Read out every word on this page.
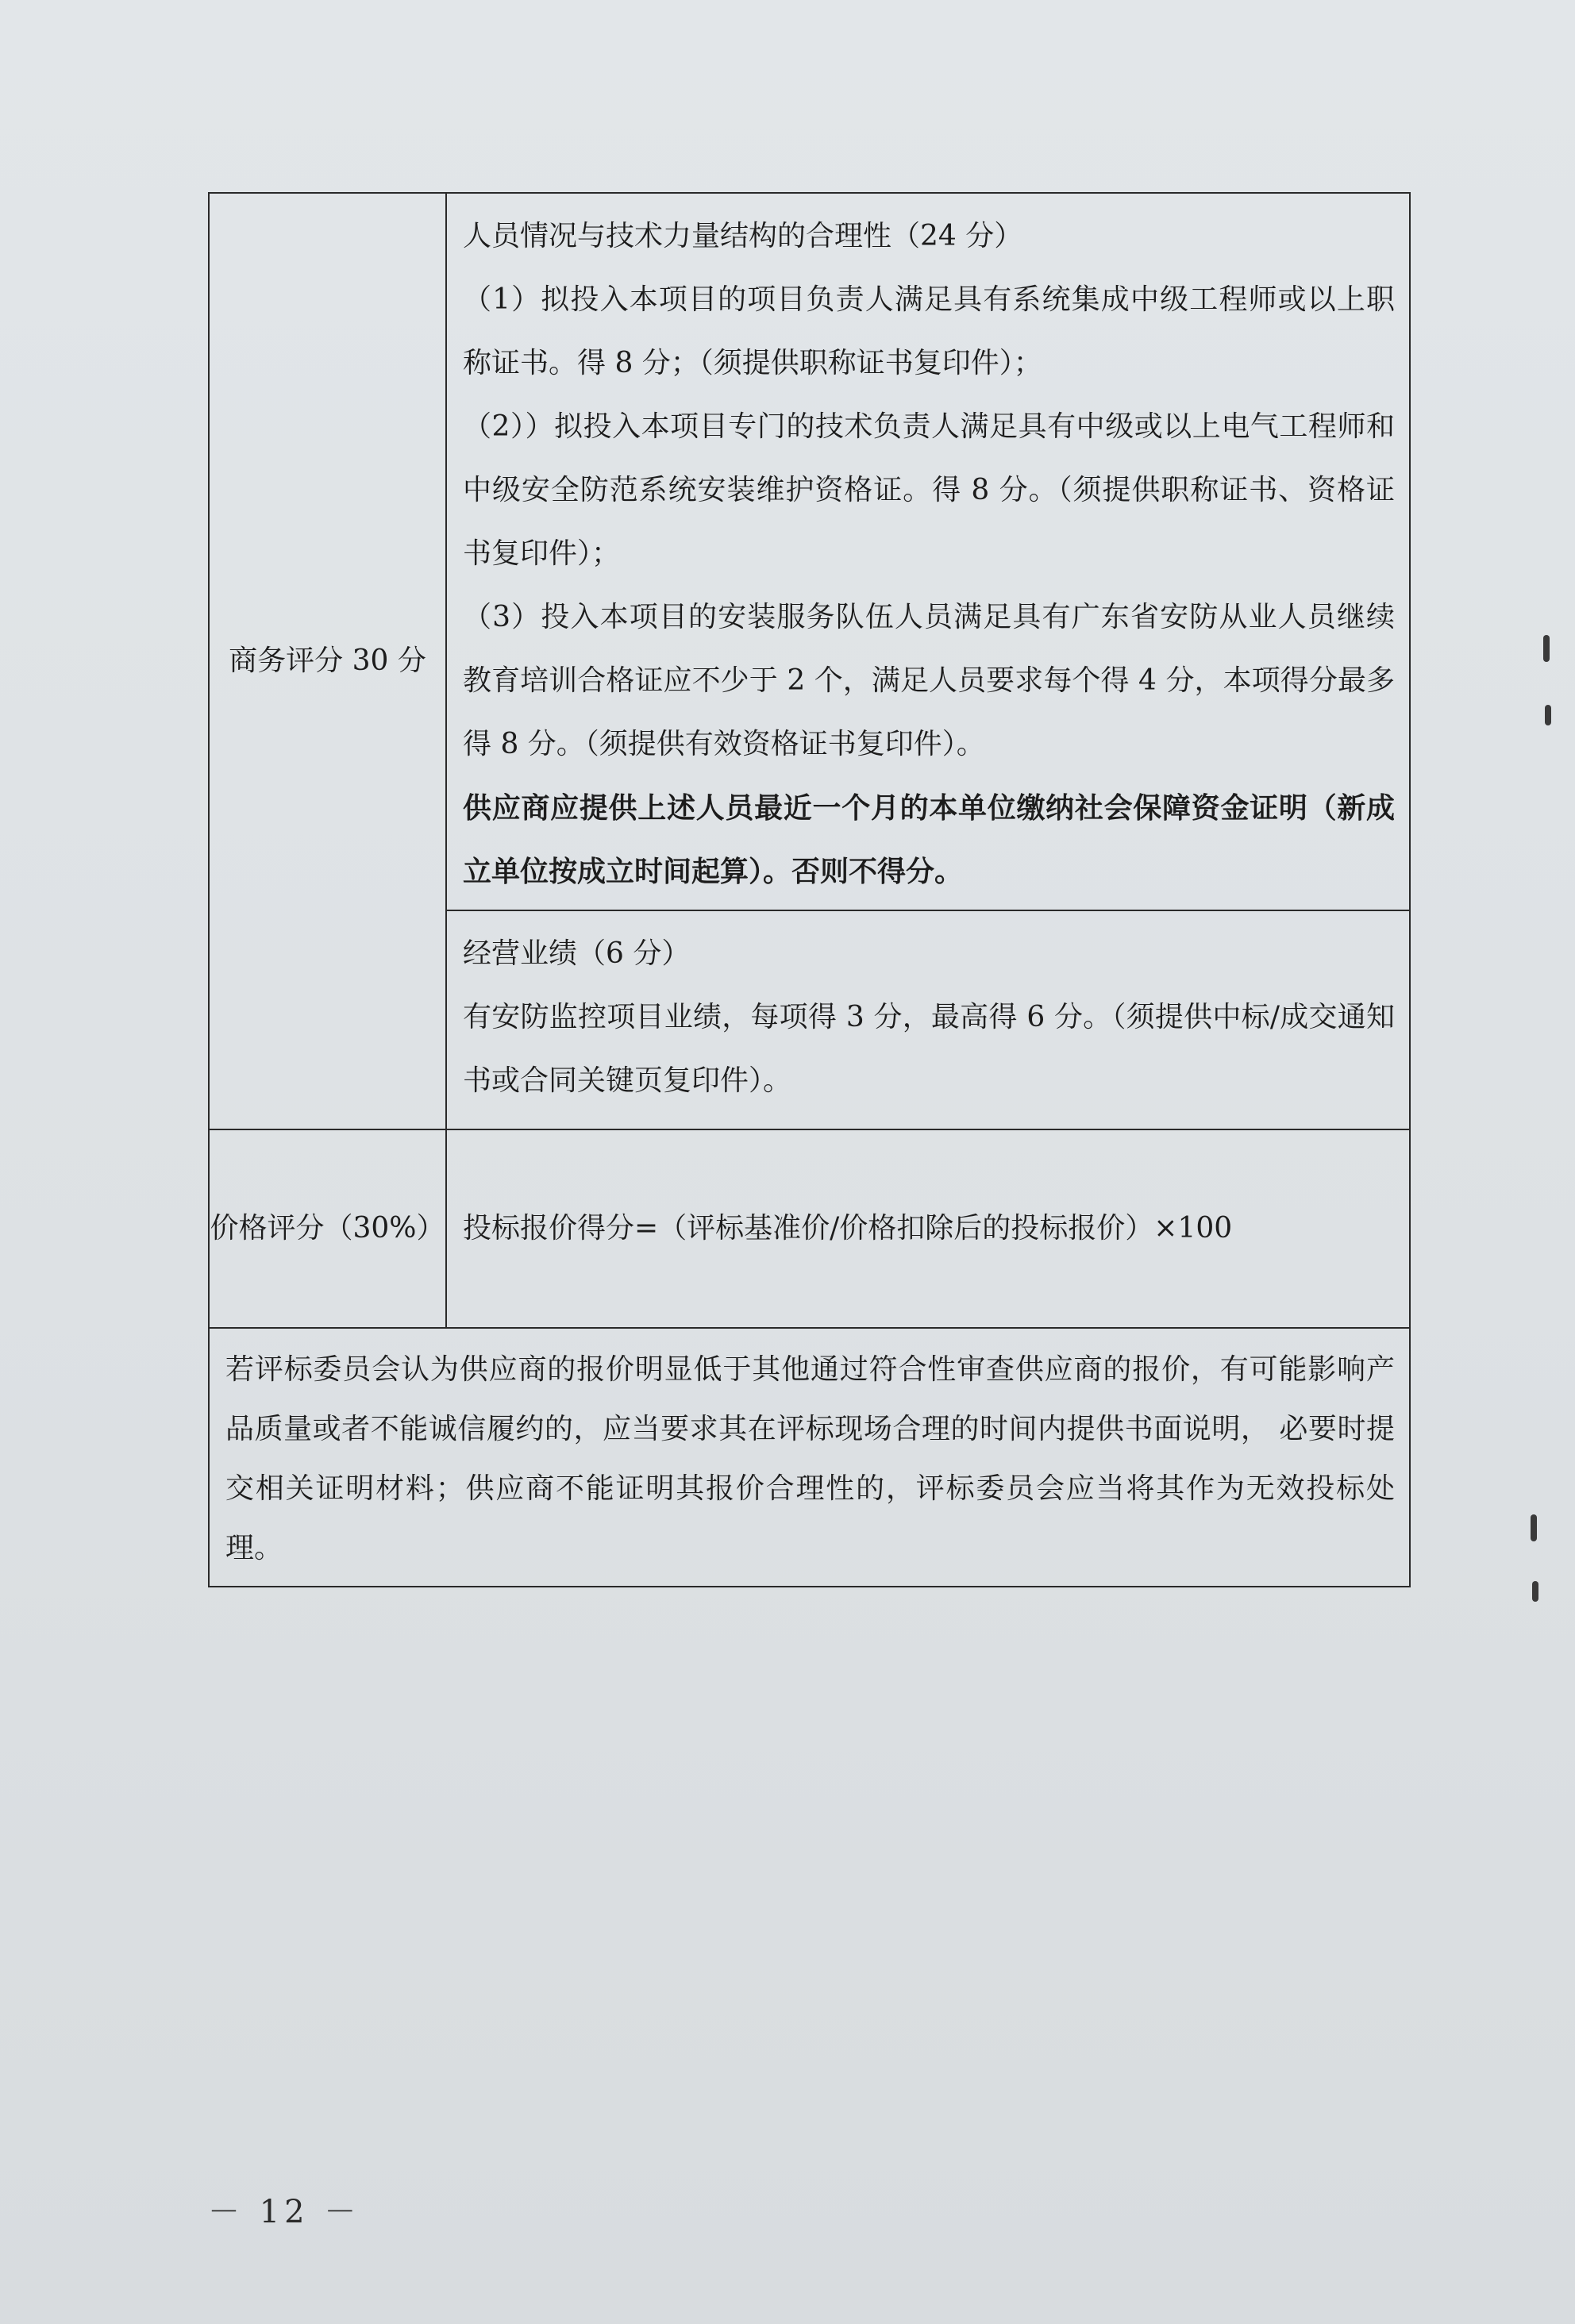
商务评分 30 分	人员情况与技术力量结构的合理性（24 分）

（1）拟投入本项目的项目负责人满足具有系统集成中级工程师或以上职称证书。得 8 分；（须提供职称证书复印件）；

（2））拟投入本项目专门的技术负责人满足具有中级或以上电气工程师和中级安全防范系统安装维护资格证。得 8 分。（须提供职称证书、资格证书复印件）；

（3）投入本项目的安装服务队伍人员满足具有广东省安防从业人员继续教育培训合格证应不少于 2 个，满足人员要求每个得 4 分，本项得分最多得 8 分。（须提供有效资格证书复印件）。

供应商应提供上述人员最近一个月的本单位缴纳社会保障资金证明（新成立单位按成立时间起算）。否则不得分。

	经营业绩（6 分）

有安防监控项目业绩，每项得 3 分，最高得 6 分。（须提供中标/成交通知书或合同关键页复印件）。

价格评分（30%）	投标报价得分=（评标基准价/价格扣除后的投标报价）×100
若评标委员会认为供应商的报价明显低于其他通过符合性审查供应商的报价，有可能影响产品质量或者不能诚信履约的，应当要求其在评标现场合理的时间内提供书面说明， 必要时提交相关证明材料；供应商不能证明其报价合理性的，评标委员会应当将其作为无效投标处理。	
－ 12 －
